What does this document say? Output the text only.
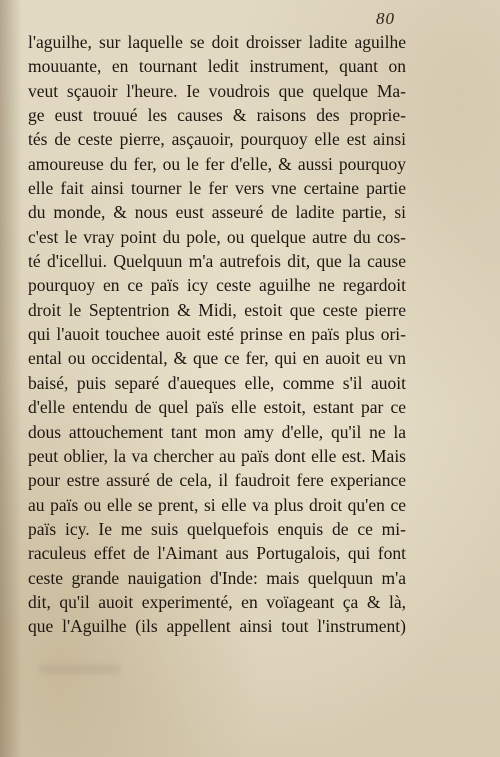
80
l'aguilhe, sur laquelle se doit droisser ladite aguilhe
mouuante, en tournant ledit instrument, quant on
veut sçauoir l'heure. Ie voudrois que quelque Ma-
ge eust trouué les causes & raisons des proprie-
tés de ceste pierre, asçauoir, pourquoy elle est ainsi
amoureuse du fer, ou le fer d'elle, & aussi pourquoy
elle fait ainsi tourner le fer vers vne certaine partie
du monde, & nous eust asseuré de ladite partie, si
c'est le vray point du pole, ou quelque autre du cos-
té d'icellui. Quelquun m'a autrefois dit, que la cause
pourquoy en ce païs icy ceste aguilhe ne regardoit
droit le Septentrion & Midi, estoit que ceste pierre
qui l'auoit touchee auoit esté prinse en païs plus ori-
ental ou occidental, & que ce fer, qui en auoit eu vn
baisé, puis separé d'aueques elle, comme s'il auoit
d'elle entendu de quel païs elle estoit, estant par ce
dous attouchement tant mon amy d'elle, qu'il ne la
peut oblier, la va chercher au païs dont elle est. Mais
pour estre assuré de cela, il faudroit fere experiance
au païs ou elle se prent, si elle va plus droit qu'en ce
païs icy. Ie me suis quelquefois enquis de ce mi-
raculeus effet de l'Aimant aus Portugalois, qui font
ceste grande nauigation d'Inde: mais quelquun m'a
dit, qu'il auoit experimenté, en voïageant ça & là,
que l'Aguilhe (ils appellent ainsi tout l'instrument)
